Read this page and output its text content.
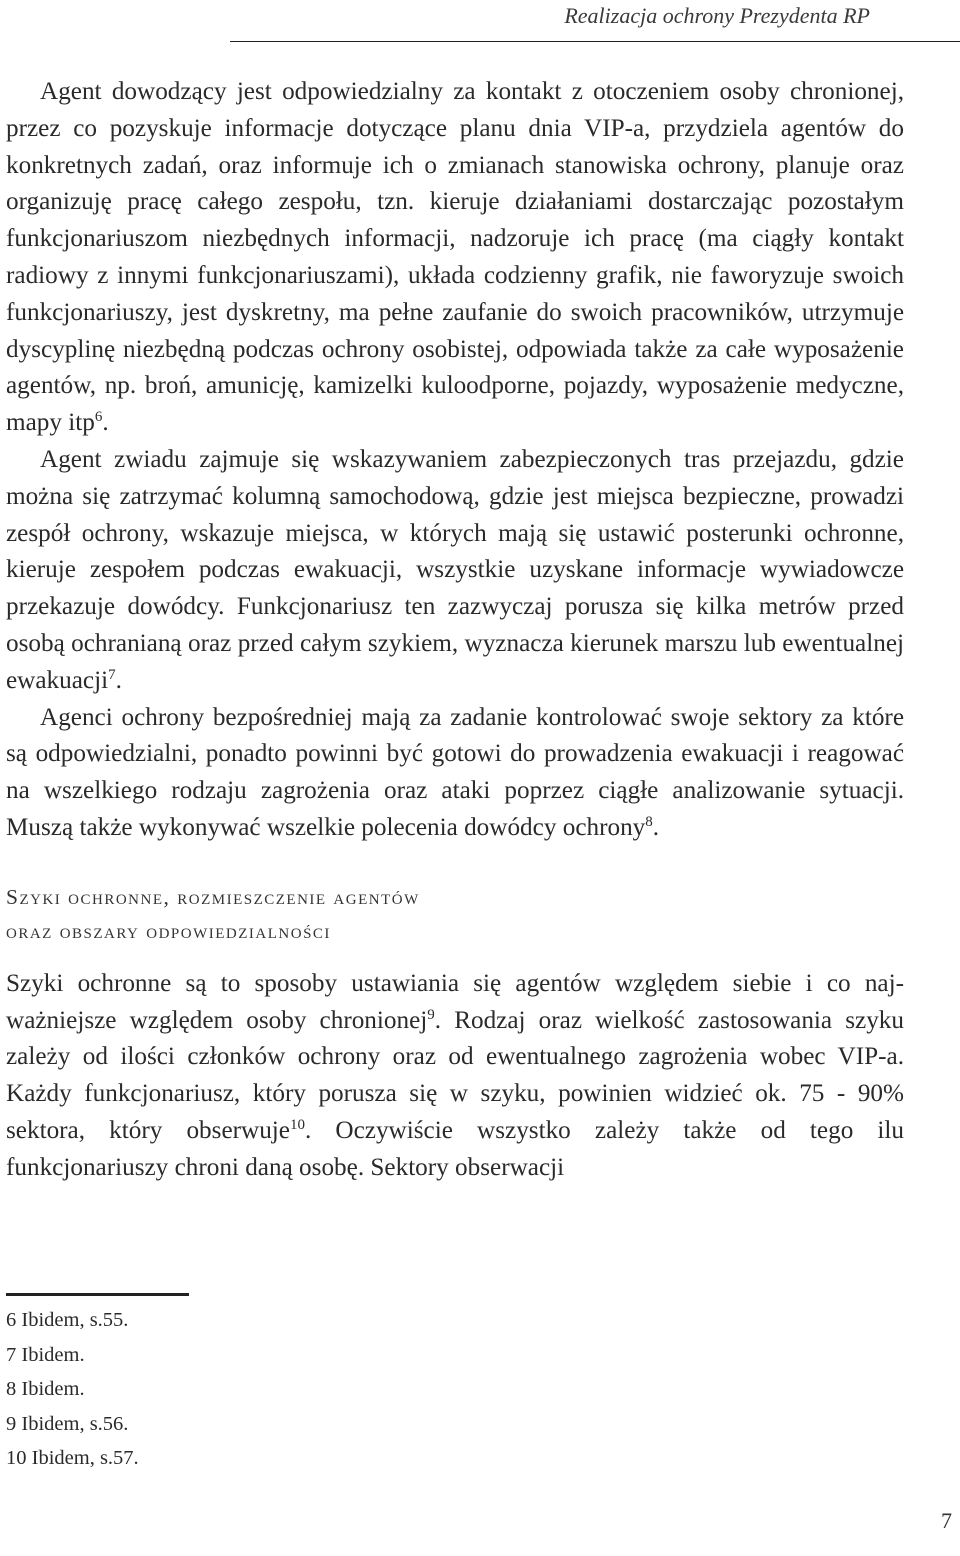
Realizacja ochrony Prezydenta RP

Agent dowodzący jest odpowiedzialny za kontakt z otoczeniem osoby chronionej, przez co pozyskuje informacje dotyczące planu dnia VIP-a, przydziela agentów do konkretnych zadań, oraz informuje ich o zmianach stanowiska ochrony, planuje oraz organizuję pracę całego zespołu, tzn. kieruje działaniami dostarczając pozostałym funkcjonariuszom niezbędnych informacji, nadzoruje ich pracę (ma ciągły kontakt radiowy z innymi funkcjonariuszami), układa codzienny grafik, nie faworyzuje swoich funkcjonariuszy, jest dyskretny, ma pełne zaufanie do swoich pracowników, utrzymuje dyscyplinę niezbędną podczas ochrony osobistej, odpowiada także za całe wyposażenie agentów, np. broń, amunicję, kamizelki kuloodporne, pojazdy, wyposażenie medyczne, mapy itp$^6$.

Agent zwiadu zajmuje się wskazywaniem zabezpieczonych tras przejazdu, gdzie można się zatrzymać kolumną samochodową, gdzie jest miejsca bezpieczne, prowadzi zespół ochrony, wskazuje miejsca, w których mają się ustawić posterunki ochronne, kieruje zespołem podczas ewakuacji, wszystkie uzyskane informacje wywiadowcze przekazuje dowódcy. Funkcjonariusz ten zazwyczaj porusza się kilka metrów przed osobą ochranianą oraz przed całym szykiem, wyznacza kierunek marszu lub ewentualnej ewakuacji$^7$.

Agenci ochrony bezpośredniej mają za zadanie kontrolować swoje sektory za które są odpowiedzialni, ponadto powinni być gotowi do prowadzenia ewakuacji i reagować na wszelkiego rodzaju zagrożenia oraz ataki poprzez ciągłe analizowanie sytuacji. Muszą także wykonywać wszelkie polecenia dowódcy ochrony$^8$.

Szyki ochronne, rozmieszczenie agentów
oraz obszary odpowiedzialności

Szyki ochronne są to sposoby ustawiania się agentów względem siebie i co najważniejsze względem osoby chronionej$^9$. Rodzaj oraz wielkość zastosowania szyku zależy od ilości członków ochrony oraz od ewentualnego zagrożenia wobec VIP-a. Każdy funkcjonariusz, który porusza się w szyku, powinien widzieć ok. 75 - 90% sektora, który obserwuje$^{10}$. Oczywiście wszystko zależy także od tego ilu funkcjonariuszy chroni daną osobę. Sektory obserwacji

6 Ibidem, s.55.
7 Ibidem.
8 Ibidem.
9 Ibidem, s.56.
10 Ibidem, s.57.
7
